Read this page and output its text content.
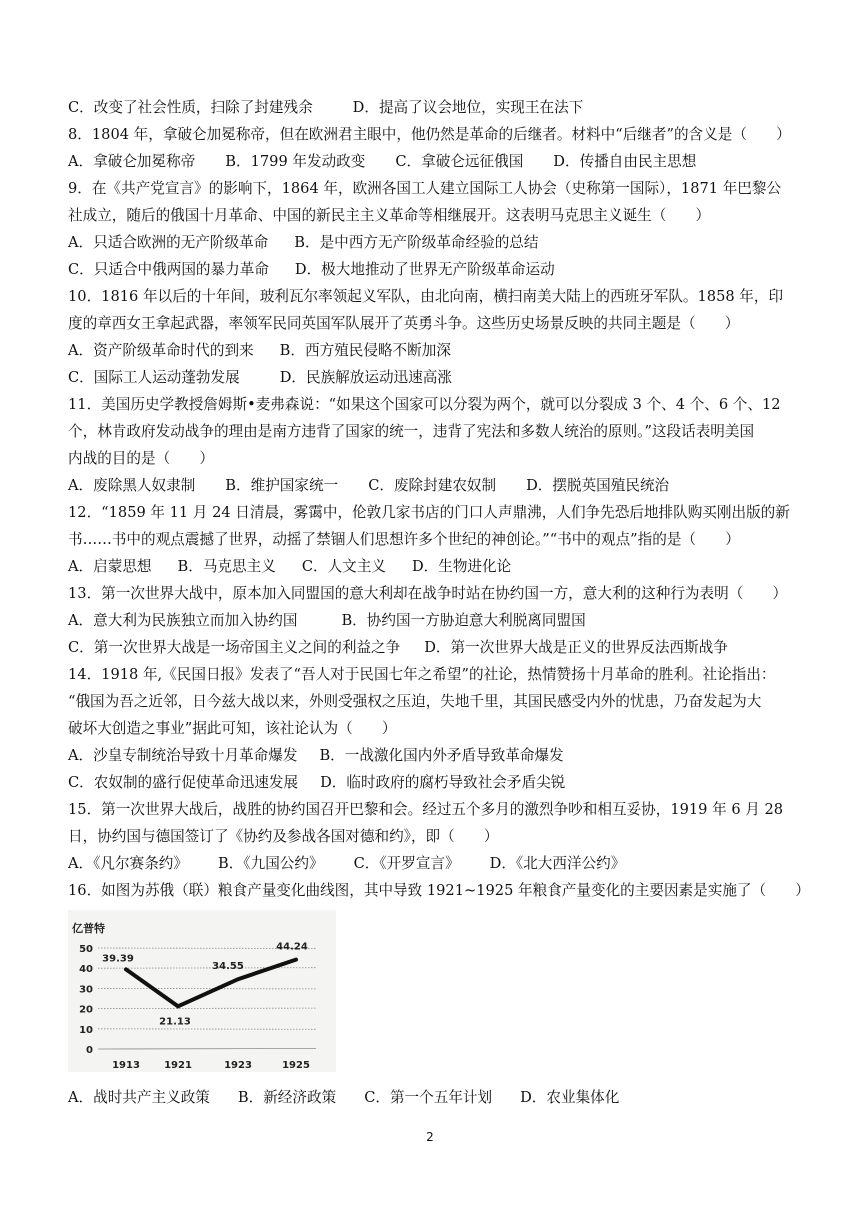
C．改变了社会性质，扫除了封建残余	D．提高了议会地位，实现王在法下
8．1804 年，拿破仑加冕称帝，但在欧洲君主眼中，他仍然是革命的后继者。材料中“后继者”的含义是（　　）
A．拿破仑加冕称帝 B．1799 年发动政变 C．拿破仑远征俄国 D．传播自由民主思想
9．在《共产党宣言》的影响下，1864 年，欧洲各国工人建立国际工人协会（史称第一国际），1871 年巴黎公
社成立，随后的俄国十月革命、中国的新民主主义革命等相继展开。这表明马克思主义诞生（　　）
A．只适合欧洲的无产阶级革命 B．是中西方无产阶级革命经验的总结
C．只适合中俄两国的暴力革命 D．极大地推动了世界无产阶级革命运动
10．1816 年以后的十年间，玻利瓦尔率领起义军队，由北向南，横扫南美大陆上的西班牙军队。1858 年，印
度的章西女王拿起武器，率领军民同英国军队展开了英勇斗争。这些历史场景反映的共同主题是（　　）
A．资产阶级革命时代的到来 B．西方殖民侵略不断加深
C．国际工人运动蓬勃发展	D．民族解放运动迅速高涨
11．美国历史学教授詹姆斯•麦弗森说：“如果这个国家可以分裂为两个，就可以分裂成 3 个、4 个、6 个、12
个，林肯政府发动战争的理由是南方违背了国家的统一，违背了宪法和多数人统治的原则。”这段话表明美国
内战的目的是（　　）
A．废除黑人奴隶制 B．维护国家统一 C．废除封建农奴制 D．摆脱英国殖民统治
12．“1859 年 11 月 24 日清晨，雾霭中，伦敦几家书店的门口人声鼎沸，人们争先恐后地排队购买刚出版的新
书……书中的观点震撼了世界，动摇了禁锢人们思想许多个世纪的神创论。”“书中的观点”指的是（　　）
A．启蒙思想 B．马克思主义 C．人文主义 D．生物进化论
13．第一次世界大战中，原本加入同盟国的意大利却在战争时站在协约国一方，意大利的这种行为表明（　　）
A．意大利为民族独立而加入协约国	B．协约国一方胁迫意大利脱离同盟国
C．第一次世界大战是一场帝国主义之间的利益之争 D．第一次世界大战是正义的世界反法西斯战争
14．1918 年,《民国日报》发表了“吾人对于民国七年之希望”的社论，热情赞扬十月革命的胜利。社论指出：
“俄国为吾之近邻，日今兹大战以来，外则受强权之压迫，失地千里，其国民感受内外的忧患，乃奋发起为大
破坏大创造之事业”据此可知，该社论认为（　　）
A．沙皇专制统治导致十月革命爆发 B．一战激化国内外矛盾导致革命爆发
C．农奴制的盛行促使革命迅速发展 D．临时政府的腐朽导致社会矛盾尖锐
15．第一次世界大战后，战胜的协约国召开巴黎和会。经过五个多月的激烈争吵和相互妥协，1919 年 6 月 28
日，协约国与德国签订了《协约及参战各国对德和约》，即（　　）
A．《凡尔赛条约》 B．《九国公约》 C．《开罗宣言》 D．《北大西洋公约》
16．如图为苏俄（联）粮食产量变化曲线图，其中导致 1921~1925 年粮食产量变化的主要因素是实施了（　　）
A．战时共产主义政策 B．新经济政策 C．第一个五年计划 D．农业集体化
亿普特
0
10
20
30
40
50
1913 1921	1923	1925
39.39
21.13
34.55
44.24
2
